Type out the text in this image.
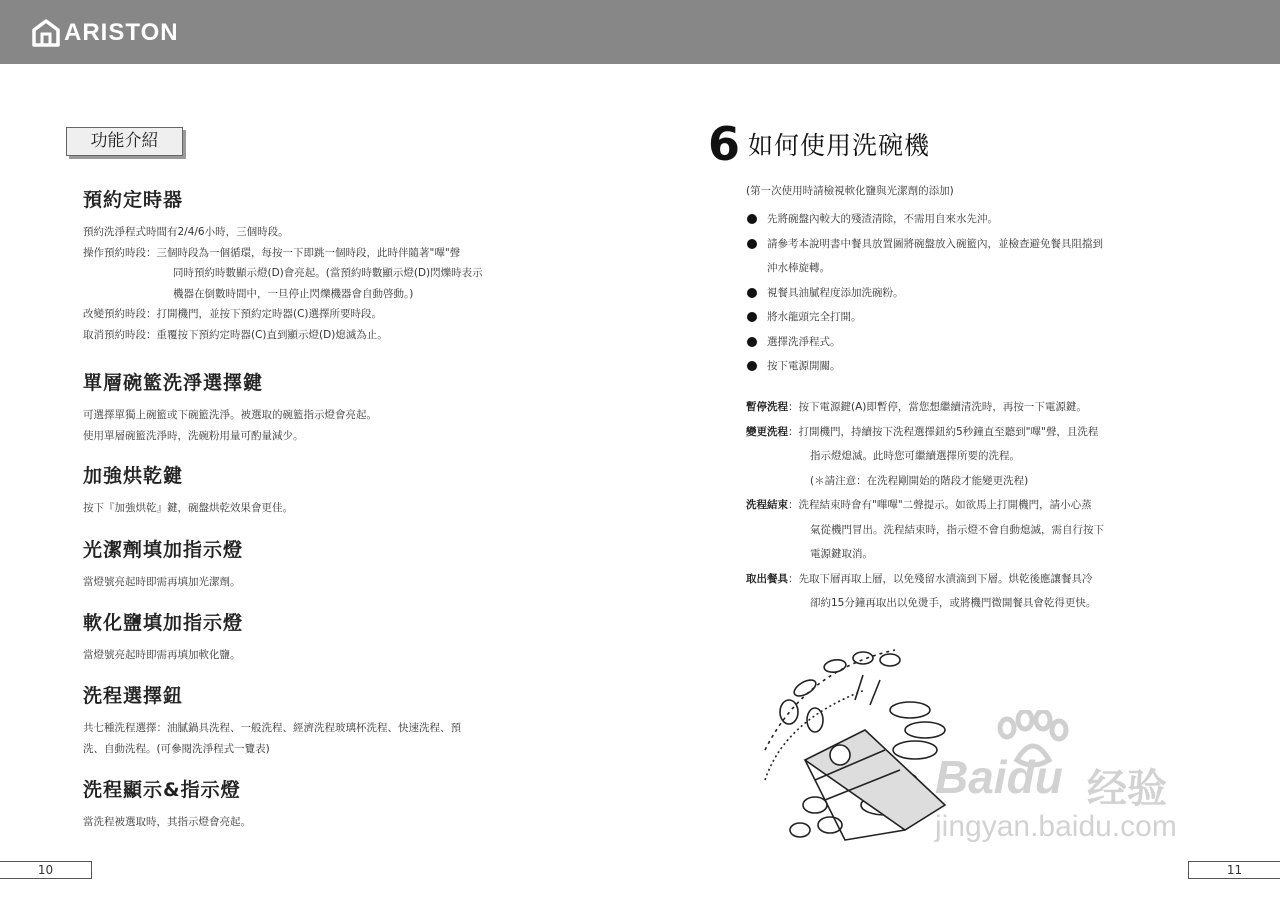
ARISTON
功能介紹
預約定時器
預約洗淨程式時間有2/4/6小時，三個時段。
操作預約時段：三個時段為一個循環，每按一下即跳一個時段，此時伴隨著"嗶"聲
同時預約時數顯示燈(D)會亮起。(當預約時數顯示燈(D)閃爍時表示
機器在倒數時間中，一旦停止閃爍機器會自動啓動。)
改變預約時段：打開機門，並按下預約定時器(C)選擇所要時段。
取消預約時段：重覆按下預約定時器(C)直到顯示燈(D)熄滅為止。
單層碗籃洗淨選擇鍵
可選擇單獨上碗籃或下碗籃洗淨。被選取的碗籃指示燈會亮起。
使用單層碗籃洗淨時，洗碗粉用量可酌量減少。
加強烘乾鍵
按下『加強烘乾』鍵，碗盤烘乾效果會更佳。
光潔劑填加指示燈
當燈號亮起時即需再填加光潔劑。
軟化鹽填加指示燈
當燈號亮起時即需再填加軟化鹽。
洗程選擇鈕
共七種洗程選擇：油膩鍋具洗程、一般洗程、經濟洗程玻璃杯洗程、快速洗程、預
洗、自動洗程。(可參閱洗淨程式一覽表)
洗程顯示&指示燈
當洗程被選取時，其指示燈會亮起。
10
6 如何使用洗碗機
(第一次使用時請檢視軟化鹽與光潔劑的添加)
先將碗盤內較大的殘渣清除，不需用自來水先沖。
請參考本說明書中餐具放置圖將碗盤放入碗籃內，並檢查避免餐具阻擋到
沖水棒旋轉。
視餐具油膩程度添加洗碗粉。
將水龍頭完全打開。
選擇洗淨程式。
按下電源開關。
暫停洗程：按下電源鍵(A)即暫停，當您想繼續清洗時，再按一下電源鍵。
變更洗程：打開機門，持續按下洗程選擇鈕約5秒鐘直至聽到"嗶"聲，且洗程
指示燈熄滅。此時您可繼續選擇所要的洗程。
(＊請注意：在洗程剛開始的階段才能變更洗程)
洗程結束：洗程結束時會有"嗶嗶"二聲提示。如欲馬上打開機門，請小心蒸
氣從機門冒出。洗程結束時，指示燈不會自動熄滅，需自行按下
電源鍵取消。
取出餐具：先取下層再取上層，以免殘留水漬滴到下層。烘乾後應讓餐具冷
卻約15分鐘再取出以免燙手，或將機門微開餐具會乾得更快。
Baidu 经验
jingyan.baidu.com
11
